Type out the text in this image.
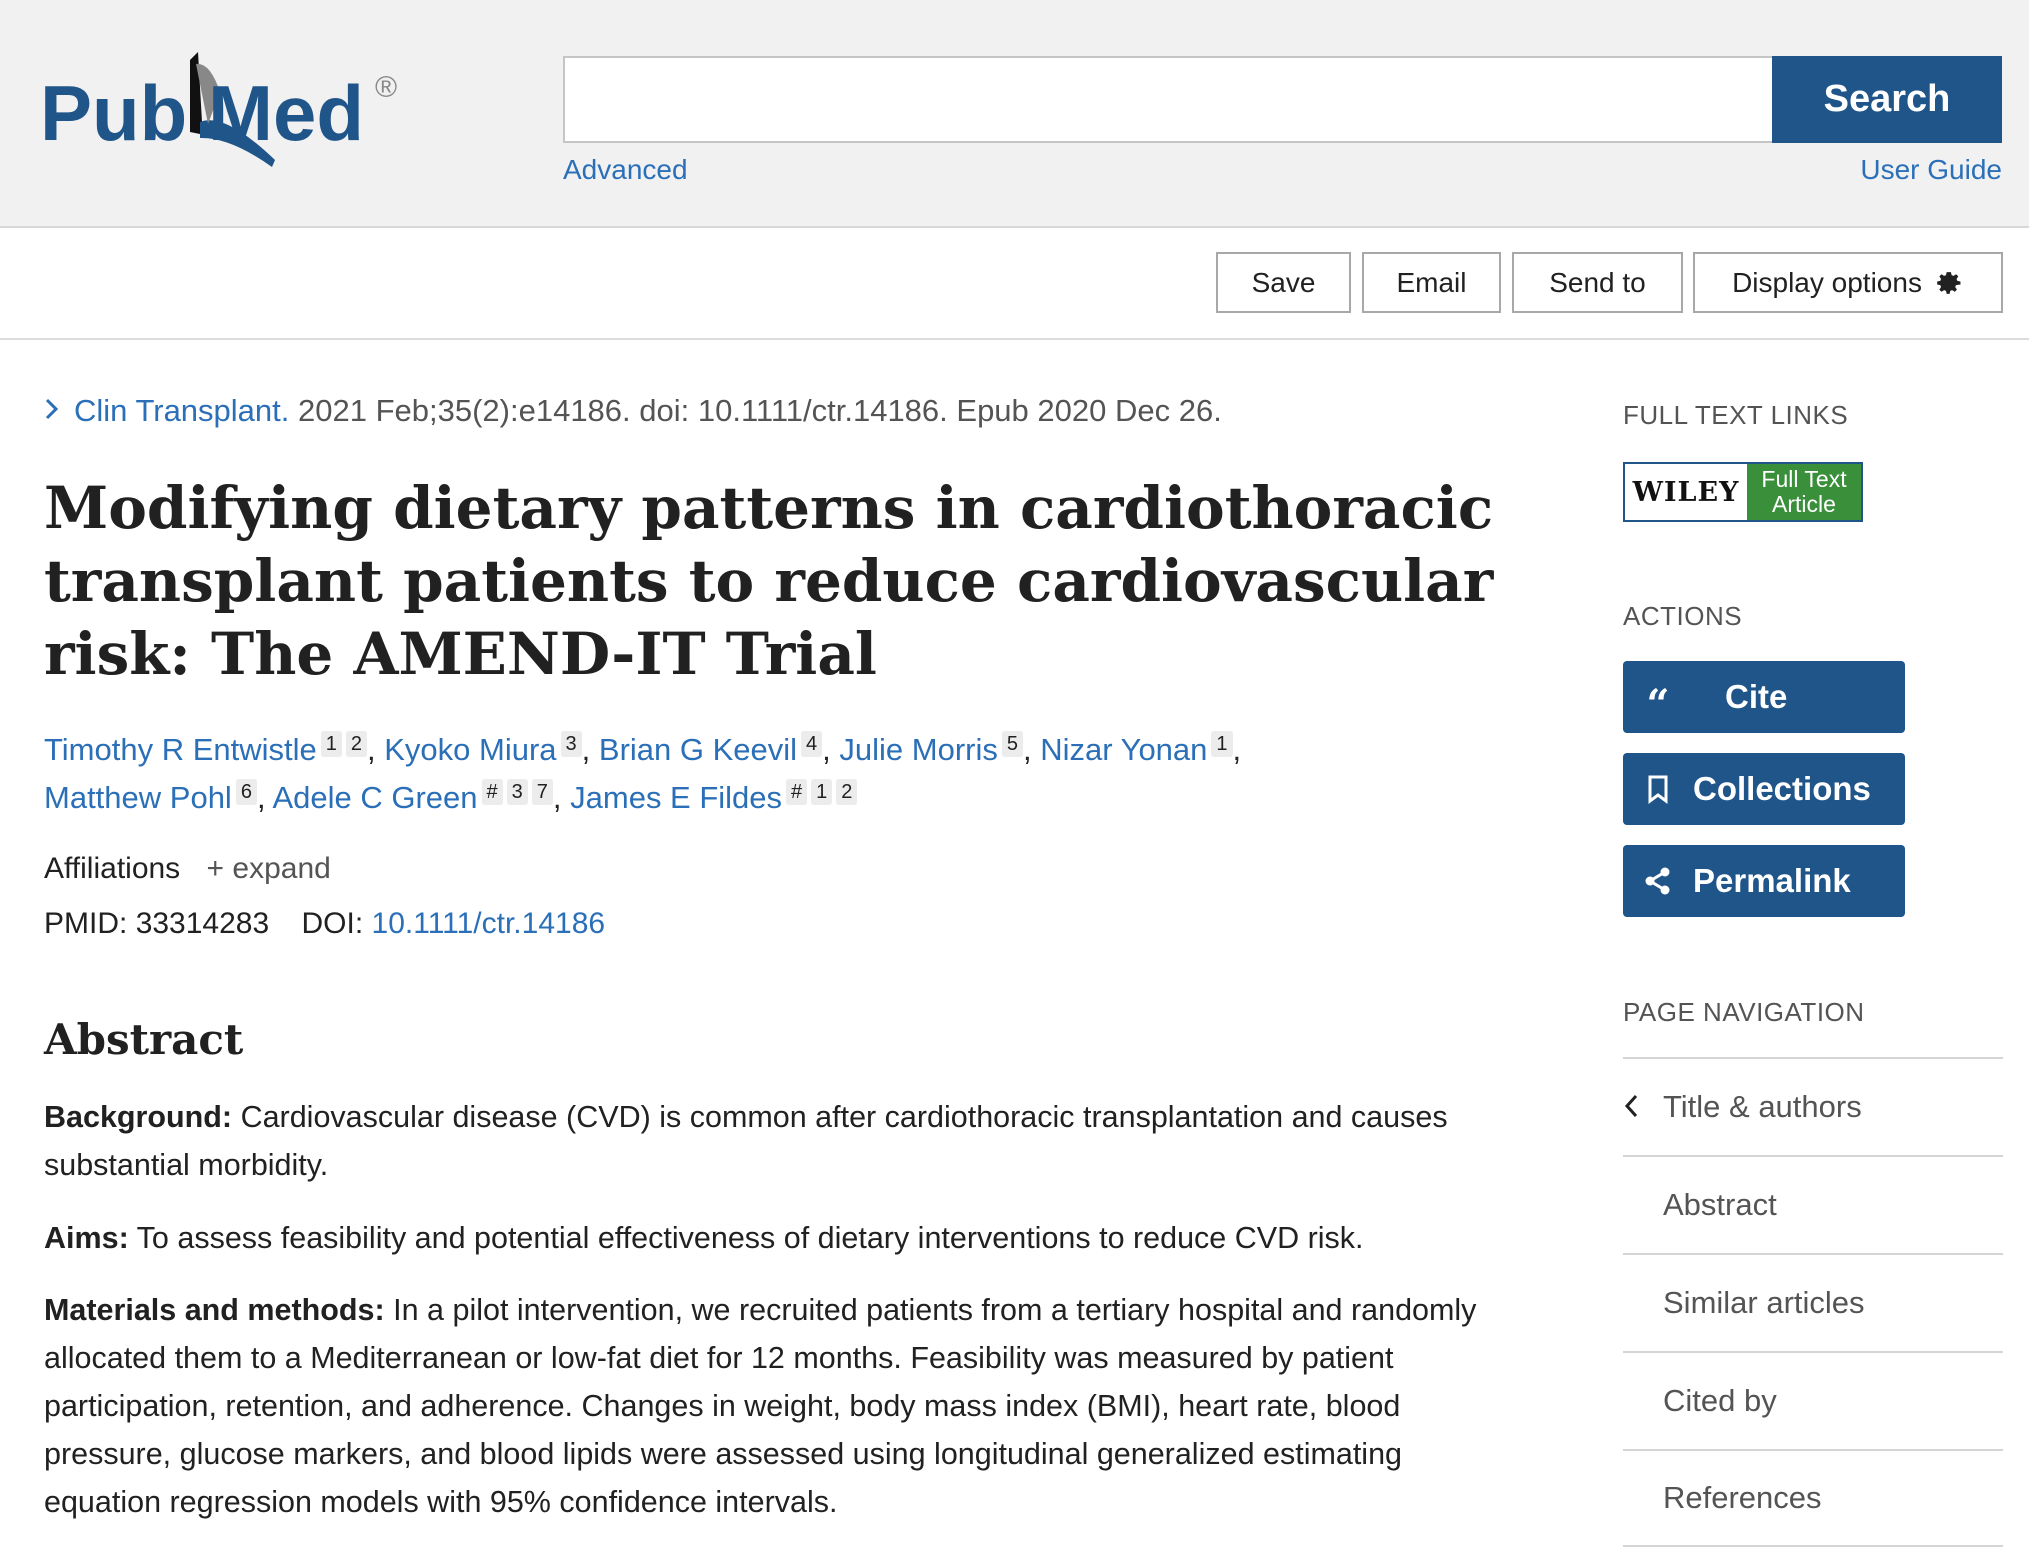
Pub Med ®	Search
Advanced	User Guide
Save	Email	Send to	Display options
Clin Transplant. 2021 Feb;35(2):e14186. doi: 10.1111/ctr.14186. Epub 2020 Dec 26.
Modifying dietary patterns in cardiothoracic transplant patients to reduce cardiovascular risk: The AMEND-IT Trial
Timothy R Entwistle 1 2 , Kyoko Miura 3 , Brian G Keevil 4 , Julie Morris 5 , Nizar Yonan 1 ,
Matthew Pohl 6 , Adele C Green # 3 7 , James E Fildes # 1 2
Affiliations + expand
PMID: 33314283 DOI: 10.1111/ctr.14186
Abstract

Background: Cardiovascular disease (CVD) is common after cardiothoracic transplantation and causes substantial morbidity.

Aims: To assess feasibility and potential effectiveness of dietary interventions to reduce CVD risk.

Materials and methods: In a pilot intervention, we recruited patients from a tertiary hospital and randomly allocated them to a Mediterranean or low-fat diet for 12 months. Feasibility was measured by patient participation, retention, and adherence. Changes in weight, body mass index (BMI), heart rate, blood pressure, glucose markers, and blood lipids were assessed using longitudinal generalized estimating equation regression models with 95% confidence intervals.

FULL TEXT LINKS
WILEY Full Text
Article
ACTIONS
“	Cite
Collections
Permalink
PAGE NAVIGATION
Title & authors
Abstract
Similar articles
Cited by
References
